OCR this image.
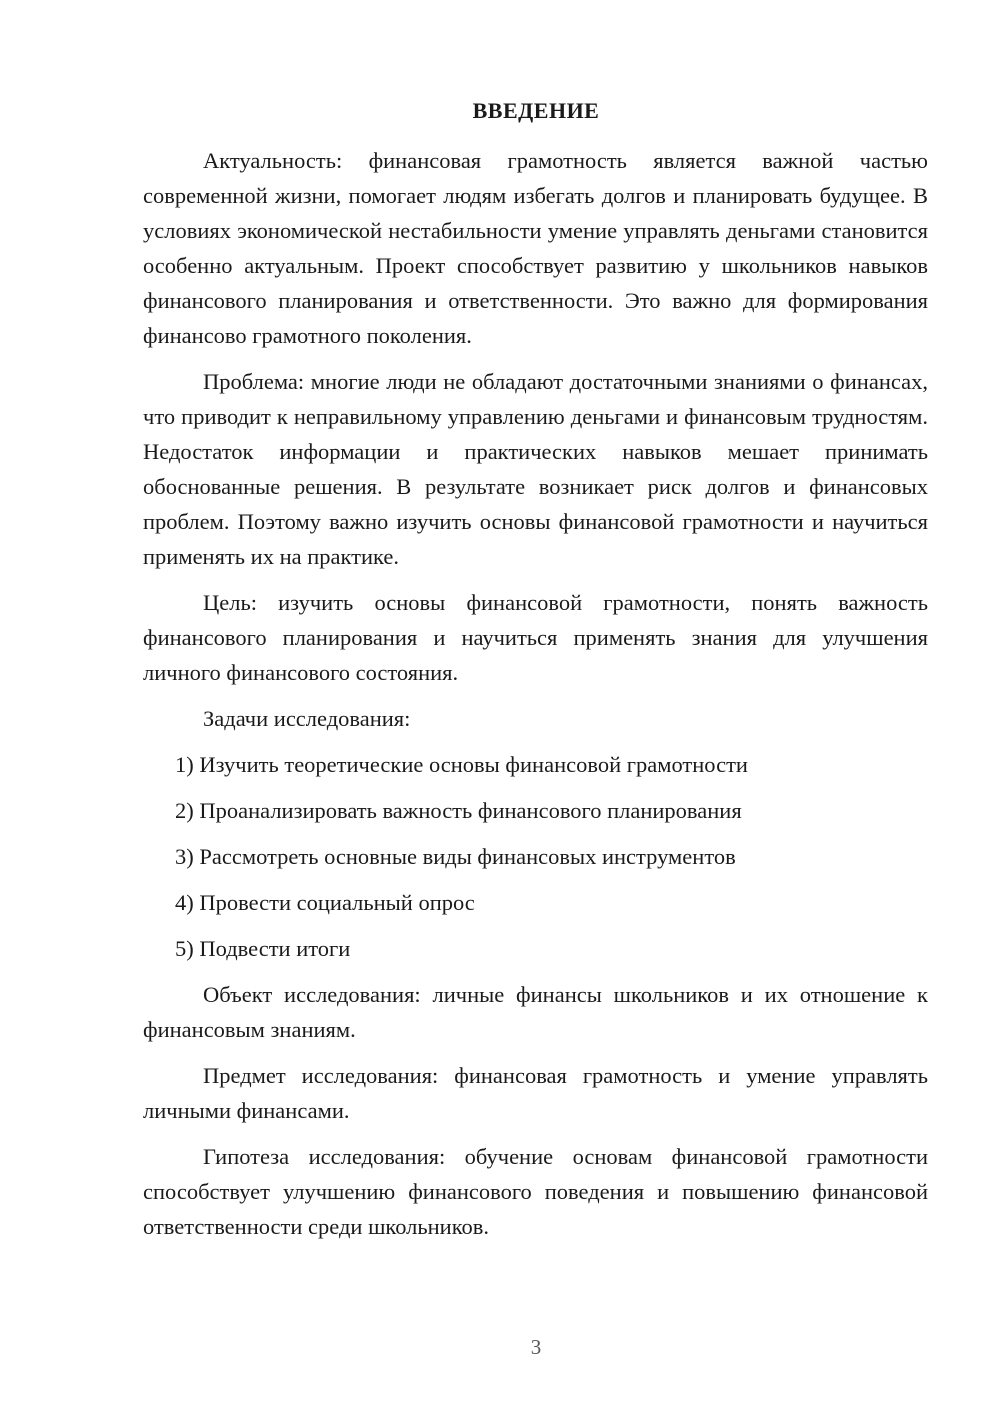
ВВЕДЕНИЕ

Актуальность: финансовая грамотность является важной частью современной жизни, помогает людям избегать долгов и планировать будущее. В условиях экономической нестабильности умение управлять деньгами становится особенно актуальным. Проект способствует развитию у школьников навыков финансового планирования и ответственности. Это важно для формирования финансово грамотного поколения.

Проблема: многие люди не обладают достаточными знаниями о финансах, что приводит к неправильному управлению деньгами и финансовым трудностям. Недостаток информации и практических навыков мешает принимать обоснованные решения. В результате возникает риск долгов и финансовых проблем. Поэтому важно изучить основы финансовой грамотности и научиться применять их на практике.

Цель: изучить основы финансовой грамотности, понять важность финансового планирования и научиться применять знания для улучшения личного финансового состояния.

Задачи исследования:

1) Изучить теоретические основы финансовой грамотности
2) Проанализировать важность финансового планирования
3) Рассмотреть основные виды финансовых инструментов
4) Провести социальный опрос
5) Подвести итоги

Объект исследования: личные финансы школьников и их отношение к финансовым знаниям.

Предмет исследования: финансовая грамотность и умение управлять личными финансами.

Гипотеза исследования: обучение основам финансовой грамотности способствует улучшению финансового поведения и повышению финансовой ответственности среди школьников.

3
